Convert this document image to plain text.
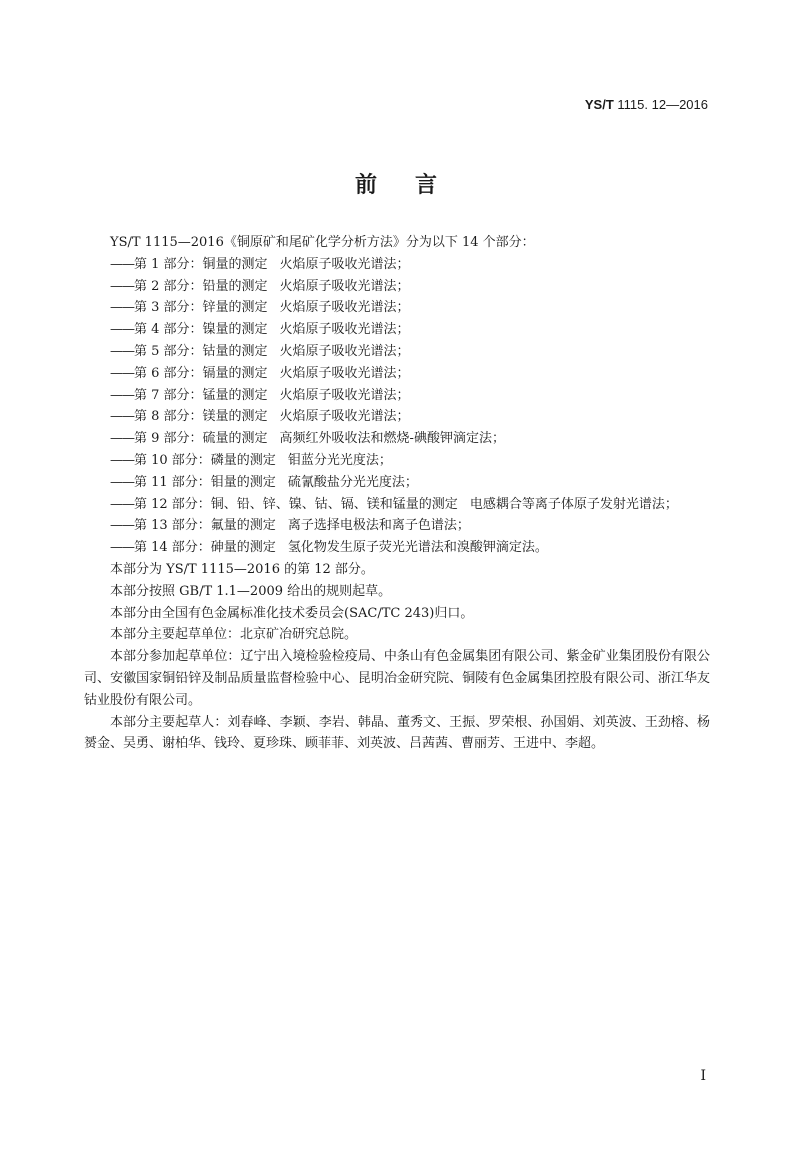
YS/T 1115. 12—2016
前言
YS/T 1115—2016《铜原矿和尾矿化学分析方法》分为以下 14 个部分：
——第 1 部分：铜量的测定 火焰原子吸收光谱法；
——第 2 部分：铅量的测定 火焰原子吸收光谱法；
——第 3 部分：锌量的测定 火焰原子吸收光谱法；
——第 4 部分：镍量的测定 火焰原子吸收光谱法；
——第 5 部分：钴量的测定 火焰原子吸收光谱法；
——第 6 部分：镉量的测定 火焰原子吸收光谱法；
——第 7 部分：锰量的测定 火焰原子吸收光谱法；
——第 8 部分：镁量的测定 火焰原子吸收光谱法；
——第 9 部分：硫量的测定 高频红外吸收法和燃烧-碘酸钾滴定法；
——第 10 部分：磷量的测定 钼蓝分光光度法；
——第 11 部分：钼量的测定 硫氰酸盐分光光度法；
——第 12 部分：铜、铅、锌、镍、钴、镉、镁和锰量的测定 电感耦合等离子体原子发射光谱法；
——第 13 部分：氟量的测定 离子选择电极法和离子色谱法；
——第 14 部分：砷量的测定 氢化物发生原子荧光光谱法和溴酸钾滴定法。
本部分为 YS/T 1115—2016 的第 12 部分。
本部分按照 GB/T 1.1—2009 给出的规则起草。
本部分由全国有色金属标准化技术委员会(SAC/TC 243)归口。
本部分主要起草单位：北京矿冶研究总院。
本部分参加起草单位：辽宁出入境检验检疫局、中条山有色金属集团有限公司、紫金矿业集团股份有限公司、安徽国家铜铅锌及制品质量监督检验中心、昆明冶金研究院、铜陵有色金属集团控股有限公司、浙江华友钴业股份有限公司。
本部分主要起草人：刘春峰、李颖、李岩、韩晶、董秀文、王振、罗荣根、孙国娟、刘英波、王劲榕、杨赟金、吴勇、谢柏华、钱玲、夏珍珠、顾菲菲、刘英波、吕茜茜、曹丽芳、王进中、李超。
I
